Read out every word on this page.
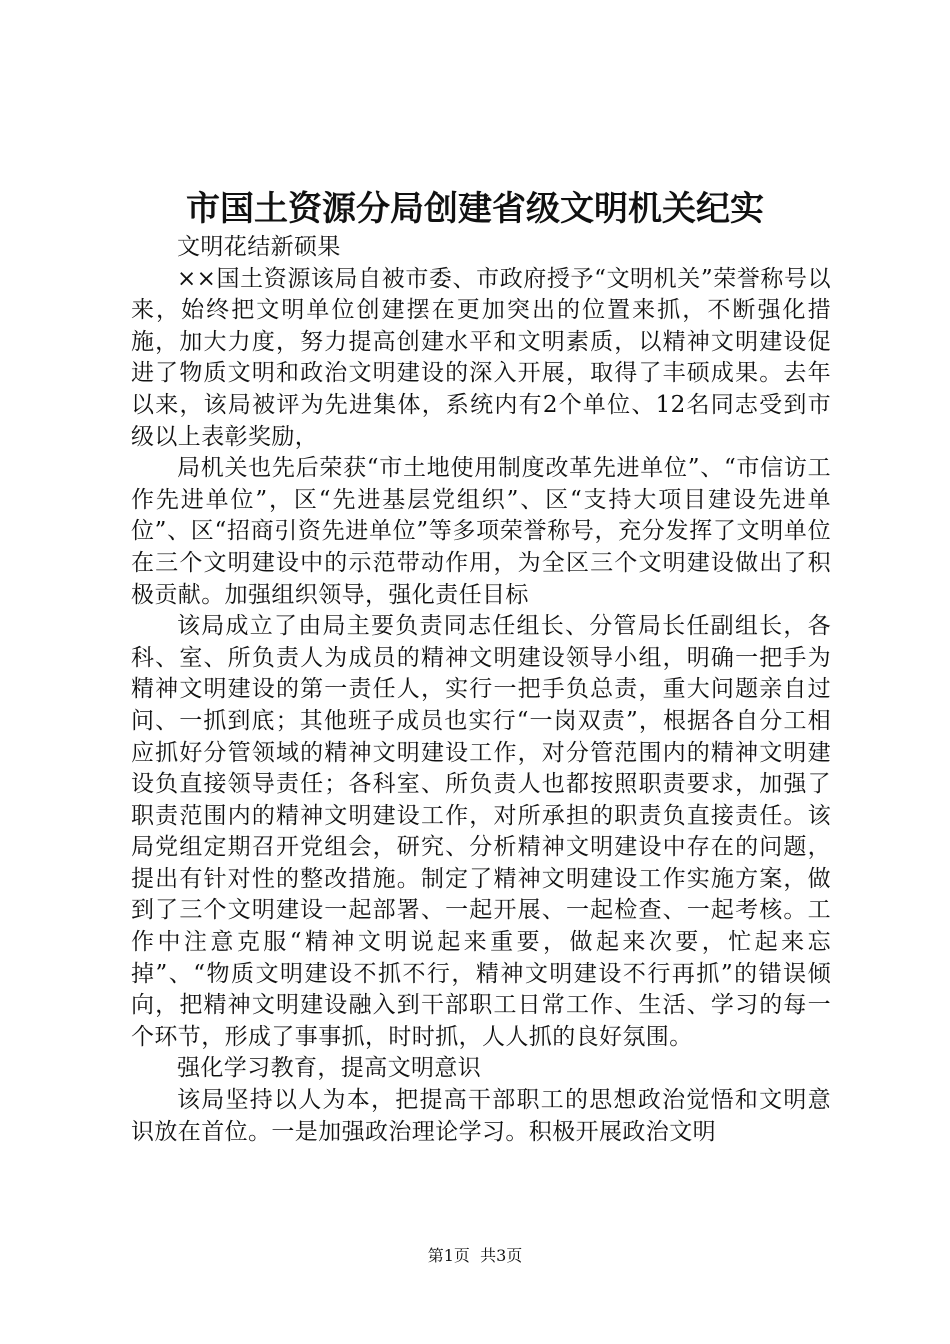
市国土资源分局创建省级文明机关纪实

文明花结新硕果

××国土资源该局自被市委、市政府授予“文明机关”荣誉称号以来，始终把文明单位创建摆在更加突出的位置来抓，不断强化措施，加大力度，努力提高创建水平和文明素质，以精神文明建设促进了物质文明和政治文明建设的深入开展，取得了丰硕成果。去年以来，该局被评为先进集体，系统内有2个单位、12名同志受到市级以上表彰奖励，

局机关也先后荣获“市土地使用制度改革先进单位”、“市信访工作先进单位”，区“先进基层党组织”、区“支持大项目建设先进单位”、区“招商引资先进单位”等多项荣誉称号，充分发挥了文明单位在三个文明建设中的示范带动作用，为全区三个文明建设做出了积极贡献。加强组织领导，强化责任目标

该局成立了由局主要负责同志任组长、分管局长任副组长，各科、室、所负责人为成员的精神文明建设领导小组，明确一把手为精神文明建设的第一责任人，实行一把手负总责，重大问题亲自过问、一抓到底；其他班子成员也实行“一岗双责”，根据各自分工相应抓好分管领域的精神文明建设工作，对分管范围内的精神文明建设负直接领导责任；各科室、所负责人也都按照职责要求，加强了职责范围内的精神文明建设工作，对所承担的职责负直接责任。该局党组定期召开党组会，研究、分析精神文明建设中存在的问题，提出有针对性的整改措施。制定了精神文明建设工作实施方案，做到了三个文明建设一起部署、一起开展、一起检查、一起考核。工作中注意克服“精神文明说起来重要，做起来次要，忙起来忘掉”、“物质文明建设不抓不行，精神文明建设不行再抓”的错误倾向，把精神文明建设融入到干部职工日常工作、生活、学习的每一个环节，形成了事事抓，时时抓，人人抓的良好氛围。

强化学习教育，提高文明意识

该局坚持以人为本，把提高干部职工的思想政治觉悟和文明意识放在首位。一是加强政治理论学习。积极开展政治文明

第1页 共3页
